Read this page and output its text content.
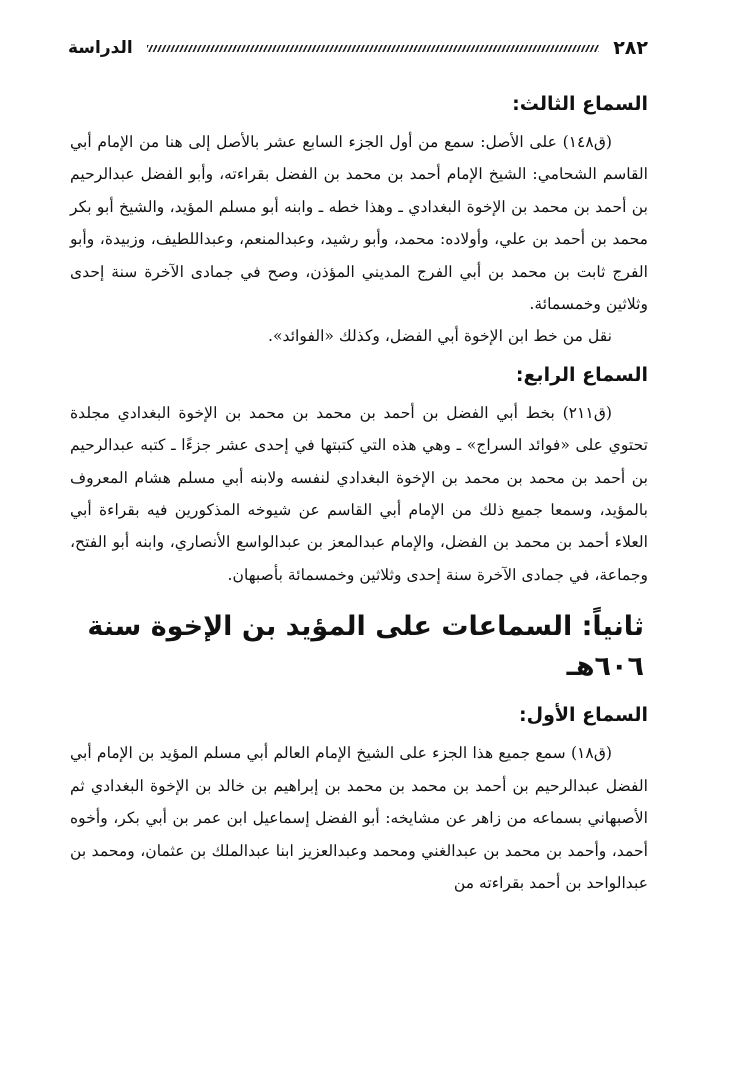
٢٨٢
الدراسة
السماع الثالث:

(ق١٤٨) على الأصل: سمع من أول الجزء السابع عشر بالأصل إلى هنا من الإمام أبي القاسم الشحامي: الشيخ الإمام أحمد بن محمد بن الفضل بقراءته، وأبو الفضل عبدالرحيم بن أحمد بن محمد بن الإخوة البغدادي ـ وهذا خطه ـ وابنه أبو مسلم المؤيد، والشيخ أبو بكر محمد بن أحمد بن علي، وأولاده: محمد، وأبو رشيد، وعبدالمنعم، وعبداللطيف، وزبيدة، وأبو الفرج ثابت بن محمد بن أبي الفرج المديني المؤذن، وصح في جمادى الآخرة سنة إحدى وثلاثين وخمسمائة.

نقل من خط ابن الإخوة أبي الفضل، وكذلك «الفوائد».

السماع الرابع:

(ق٢١١) بخط أبي الفضل بن أحمد بن محمد بن محمد بن الإخوة البغدادي مجلدة تحتوي على «فوائد السراج» ـ وهي هذه التي كتبتها في إحدى عشر جزءًا ـ كتبه عبدالرحيم بن أحمد بن محمد بن محمد بن الإخوة البغدادي لنفسه ولابنه أبي مسلم هشام المعروف بالمؤيد، وسمعا جميع ذلك من الإمام أبي القاسم عن شيوخه المذكورين فيه بقراءة أبي العلاء أحمد بن محمد بن الفضل، والإمام عبدالمعز بن عبدالواسع الأنصاري، وابنه أبو الفتح، وجماعة، في جمادى الآخرة سنة إحدى وثلاثين وخمسمائة بأصبهان.

ثانياً: السماعات على المؤيد بن الإخوة سنة ٦٠٦هـ
السماع الأول:

(ق١٨) سمع جميع هذا الجزء على الشيخ الإمام العالم أبي مسلم المؤيد بن الإمام أبي الفضل عبدالرحيم بن أحمد بن محمد بن محمد بن إبراهيم بن خالد بن الإخوة البغدادي ثم الأصبهاني بسماعه من زاهر عن مشايخه: أبو الفضل إسماعيل ابن عمر بن أبي بكر، وأخوه أحمد، وأحمد بن محمد بن عبدالغني ومحمد وعبدالعزيز ابنا عبدالملك بن عثمان، ومحمد بن عبدالواحد بن أحمد بقراءته من
